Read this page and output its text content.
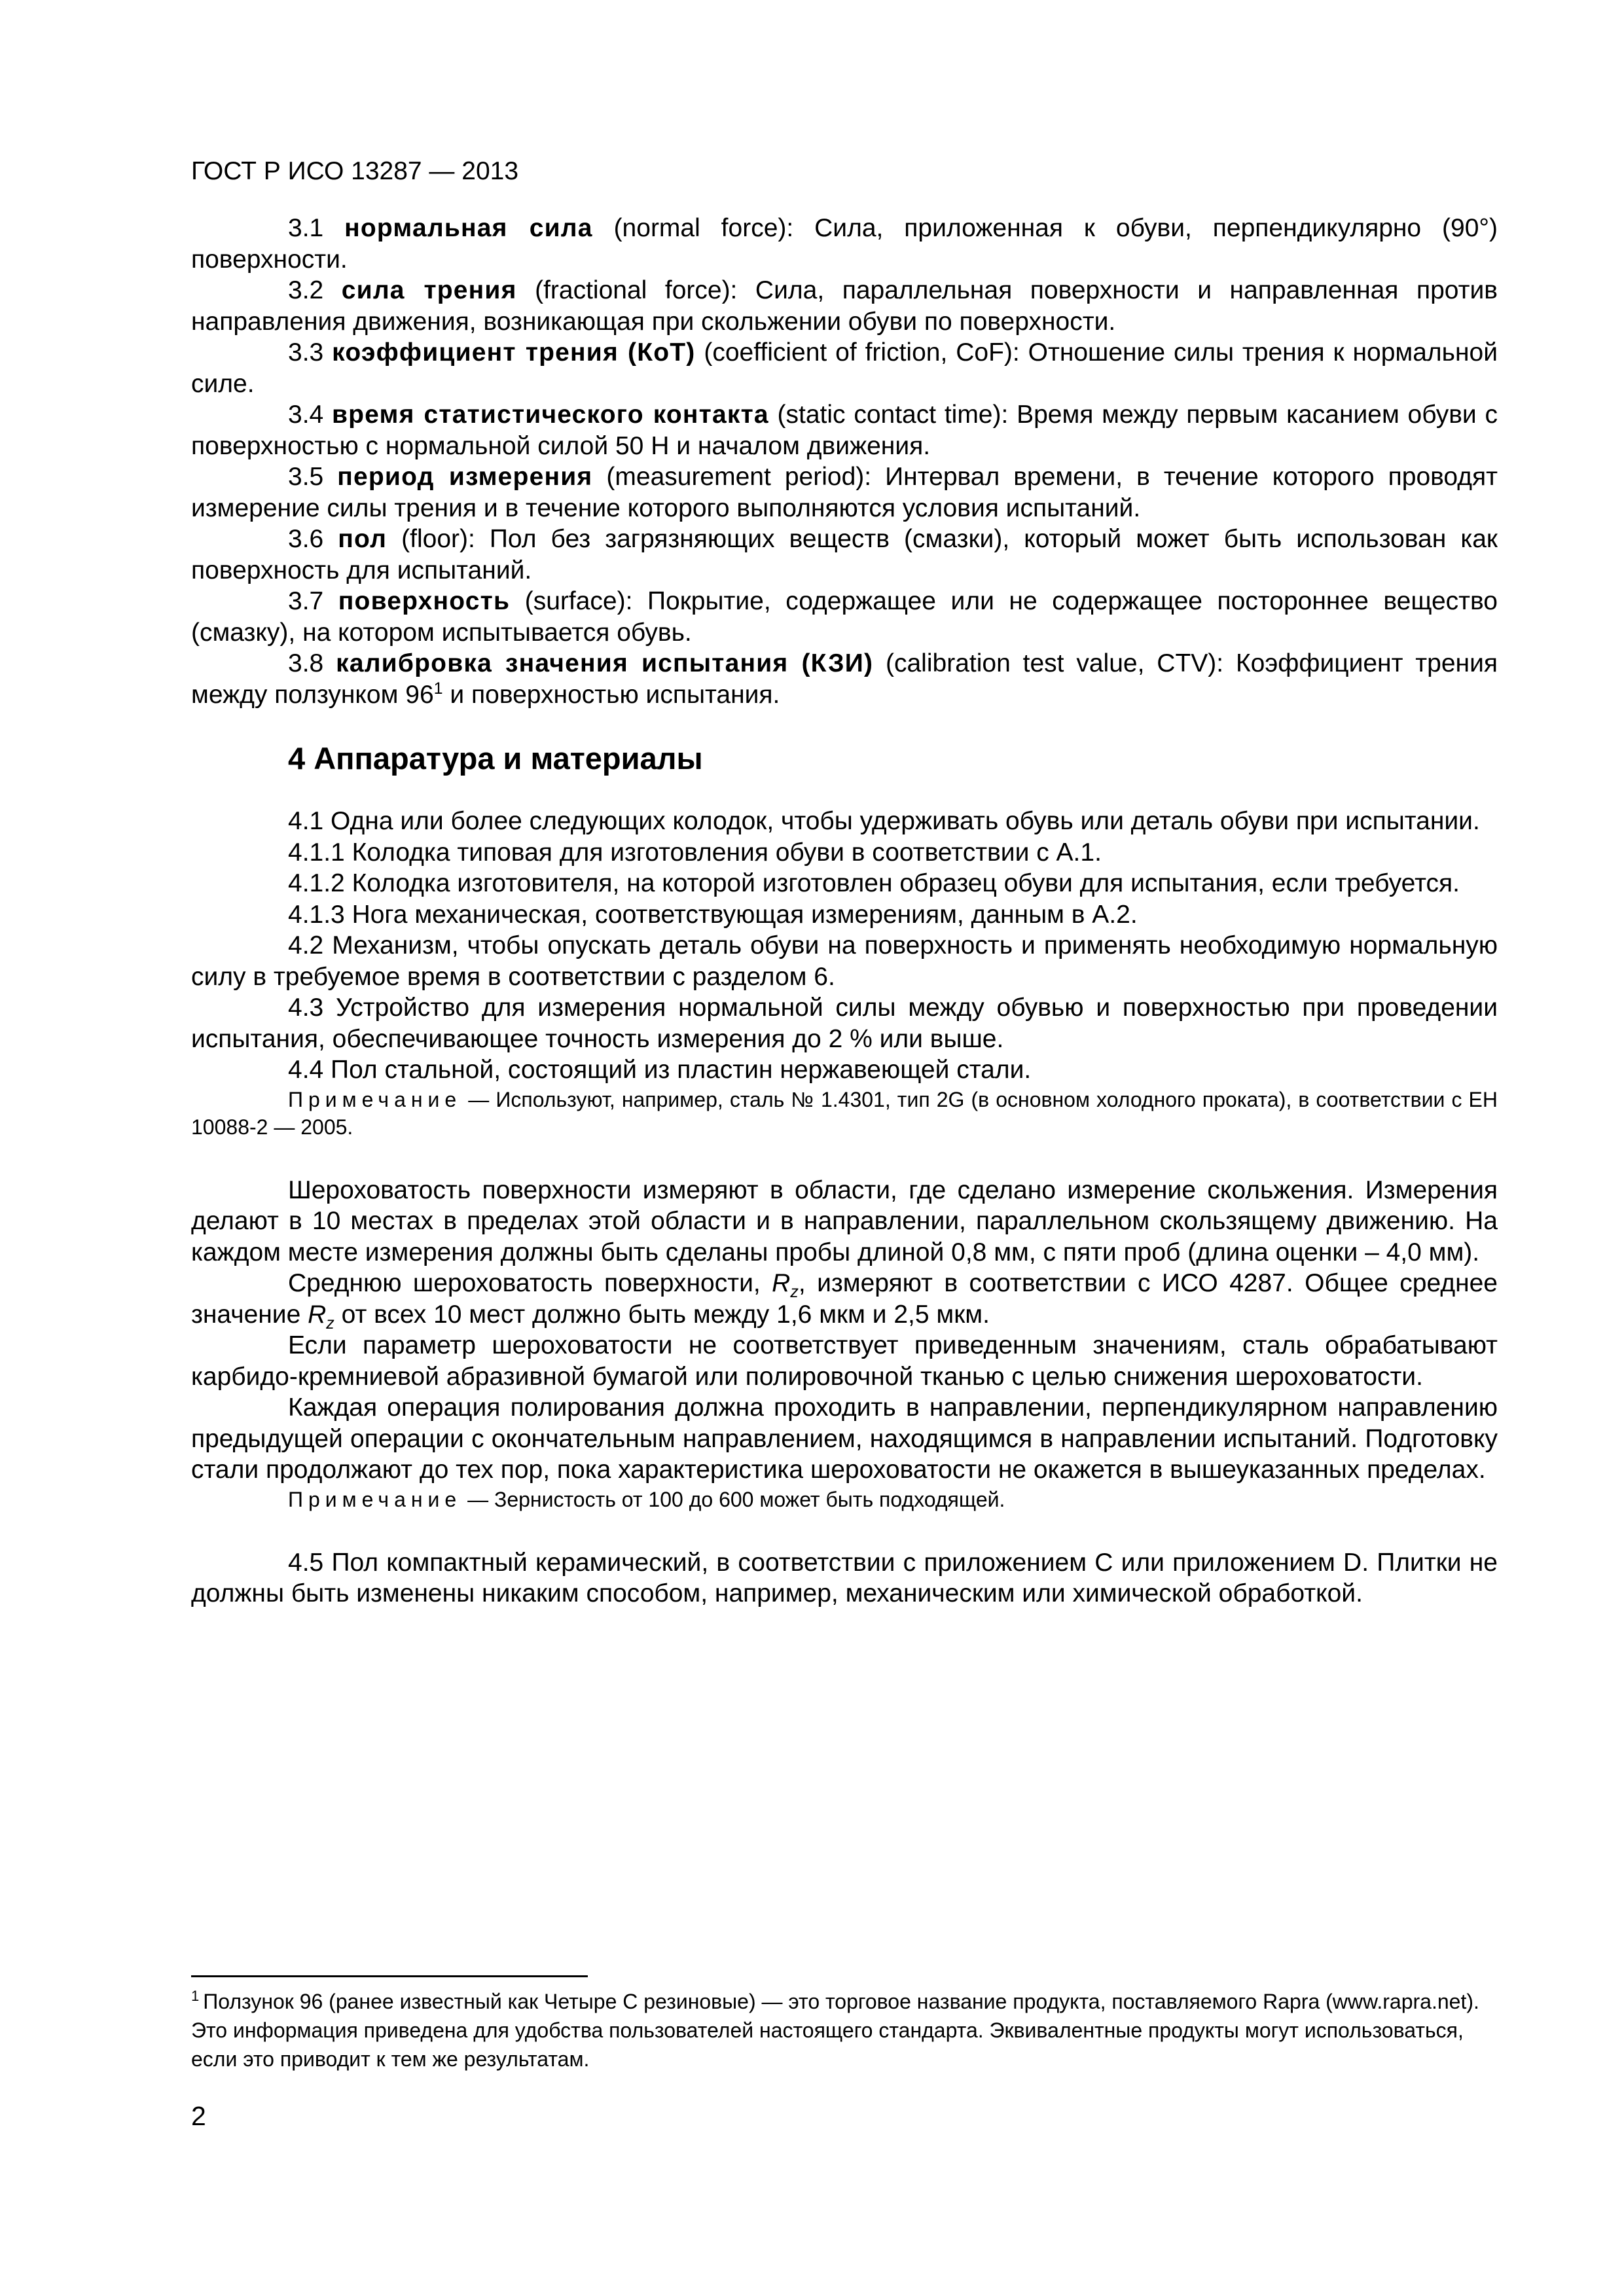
ГОСТ Р ИСО 13287 — 2013

3.1 нормальная сила (normal force): Сила, приложенная к обуви, перпендикулярно (90°) поверхности.

3.2 сила трения (fractional force): Сила, параллельная поверхности и направленная против направления движения, возникающая при скольжении обуви по поверхности.

3.3 коэффициент трения (КоТ) (coefficient of friction, CoF): Отношение силы трения к нормальной силе.

3.4 время статистического контакта (static contact time): Время между первым касанием обуви с поверхностью с нормальной силой 50 Н и началом движения.

3.5 период измерения (measurement period): Интервал времени, в течение которого проводят измерение силы трения и в течение которого выполняются условия испытаний.

3.6 пол (floor): Пол без загрязняющих веществ (смазки), который может быть использован как поверхность для испытаний.

3.7 поверхность (surface): Покрытие, содержащее или не содержащее постороннее вещество (смазку), на котором испытывается обувь.

3.8 калибровка значения испытания (КЗИ) (calibration test value, CTV): Коэффициент трения между ползунком $96^1$ и поверхностью испытания.

4 Аппаратура и материалы

4.1 Одна или более следующих колодок, чтобы удерживать обувь или деталь обуви при испытании.

4.1.1 Колодка типовая для изготовления обуви в соответствии с А.1.

4.1.2 Колодка изготовителя, на которой изготовлен образец обуви для испытания, если требуется.

4.1.3 Нога механическая, соответствующая измерениям, данным в А.2.

4.2 Механизм, чтобы опускать деталь обуви на поверхность и применять необходимую нормальную силу в требуемое время в соответствии с разделом 6.

4.3 Устройство для измерения нормальной силы между обувью и поверхностью при проведении испытания, обеспечивающее точность измерения до 2 % или выше.

4.4 Пол стальной, состоящий из пластин нержавеющей стали.

Примечание — Используют, например, сталь № 1.4301, тип 2G (в основном холодного проката), в соответствии с ЕН 10088-2 — 2005.

Шероховатость поверхности измеряют в области, где сделано измерение скольжения. Измерения делают в 10 местах в пределах этой области и в направлении, параллельном скользящему движению. На каждом месте измерения должны быть сделаны пробы длиной 0,8 мм, с пяти проб (длина оценки – 4,0 мм).

Среднюю шероховатость поверхности, $R_z$, измеряют в соответствии с ИСО 4287. Общее среднее значение $R_z$ от всех 10 мест должно быть между 1,6 мкм и 2,5 мкм.

Если параметр шероховатости не соответствует приведенным значениям, сталь обрабатывают карбидо-кремниевой абразивной бумагой или полировочной тканью с целью снижения шероховатости.

Каждая операция полирования должна проходить в направлении, перпендикулярном направлению предыдущей операции с окончательным направлением, находящимся в направлении испытаний. Подготовку стали продолжают до тех пор, пока характеристика шероховатости не окажется в вышеуказанных пределах.

Примечание — Зернистость от 100 до 600 может быть подходящей.

4.5 Пол компактный керамический, в соответствии с приложением С или приложением D. Плитки не должны быть изменены никаким способом, например, механическим или химической обработкой.

$^1$ Ползунок 96 (ранее известный как Четыре С резиновые) — это торговое название продукта, поставляемого Rapra (www.rapra.net). Это информация приведена для удобства пользователей настоящего стандарта. Эквивалентные продукты могут использоваться, если это приводит к тем же результатам.
2
